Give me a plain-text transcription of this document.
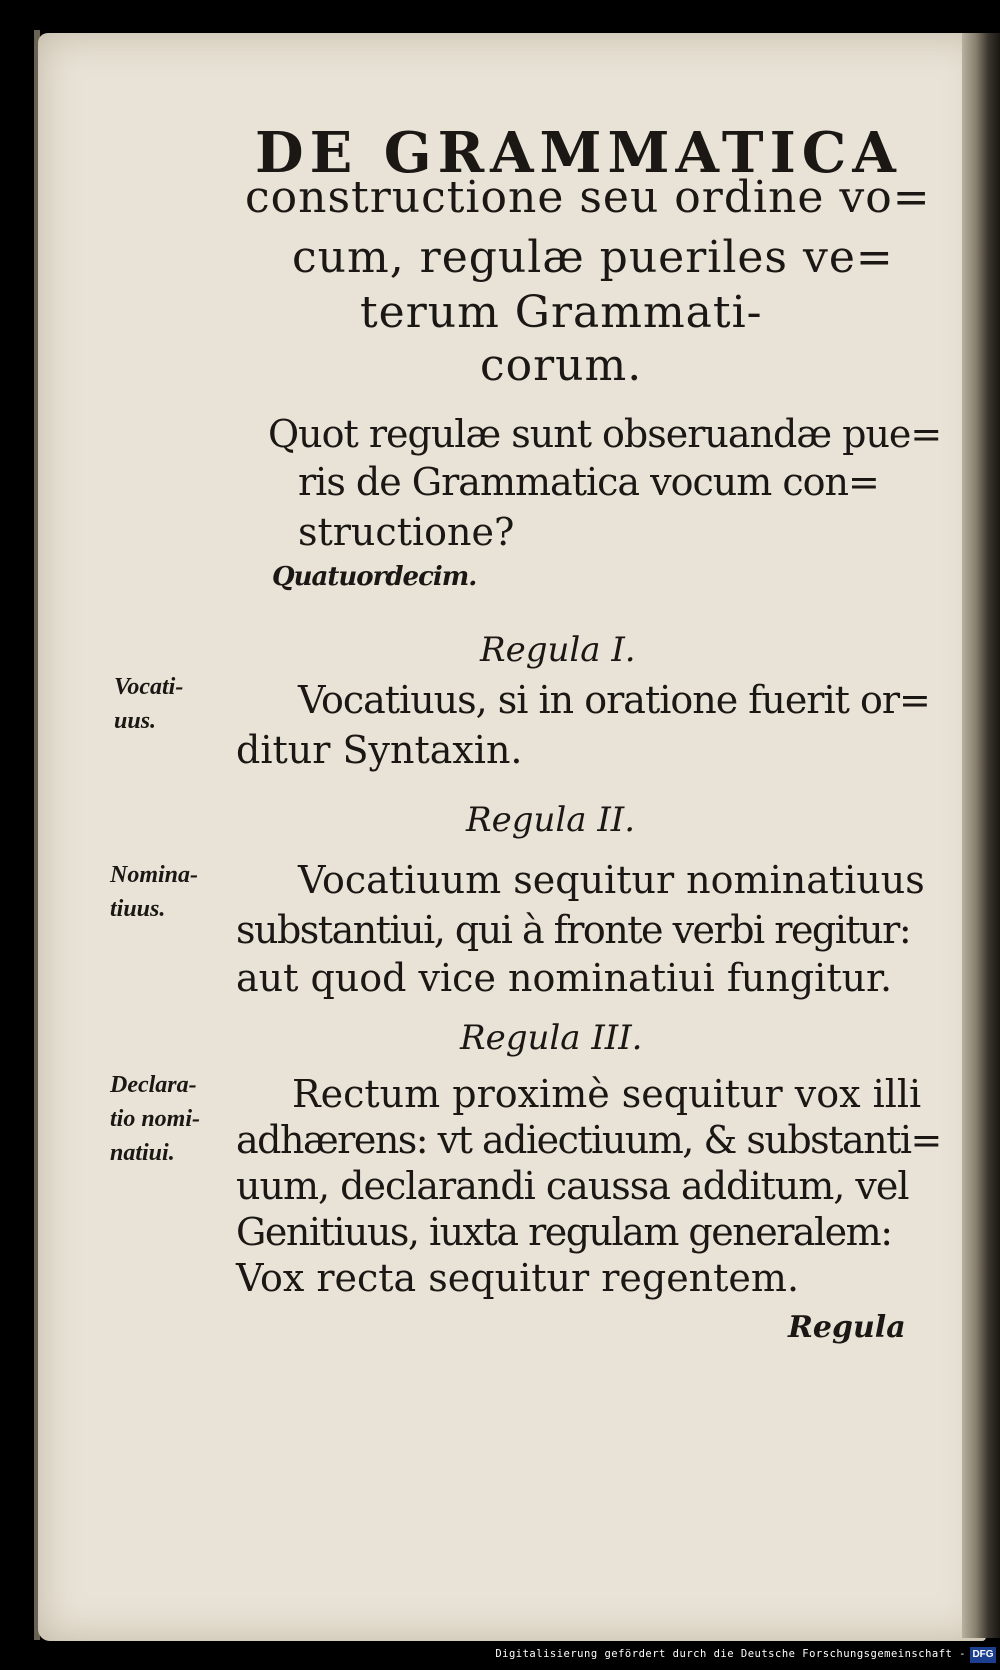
DE GRAMMATICA
constructione seu ordine vo=
cum, regulæ pueriles ve=
terum Grammati-
corum.
Quot regulæ sunt obseruandæ pue=
ris de Grammatica vocum con=
structione?
Quatuordecim.
Regula I.
Vocati-
uus.	Vocatiuus, si in oratione fuerit or=
ditur Syntaxin.
Regula II.
Nomina-
tiuus.
Vocatiuum sequitur nominatiuus
substantiui, qui à fronte verbi regitur:
aut quod vice nominatiui fungitur.
Regula III.
Declara-
tio nomi-
natiui.
Rectum proximè sequitur vox illi
adhærens: vt adiectiuum, & substanti=
uum, declarandi caussa additum, vel
Genitiuus, iuxta regulam generalem:
Vox recta sequitur regentem.
Regula
Digitalisierung gefördert durch die Deutsche Forschungsgemeinschaft - DFG
